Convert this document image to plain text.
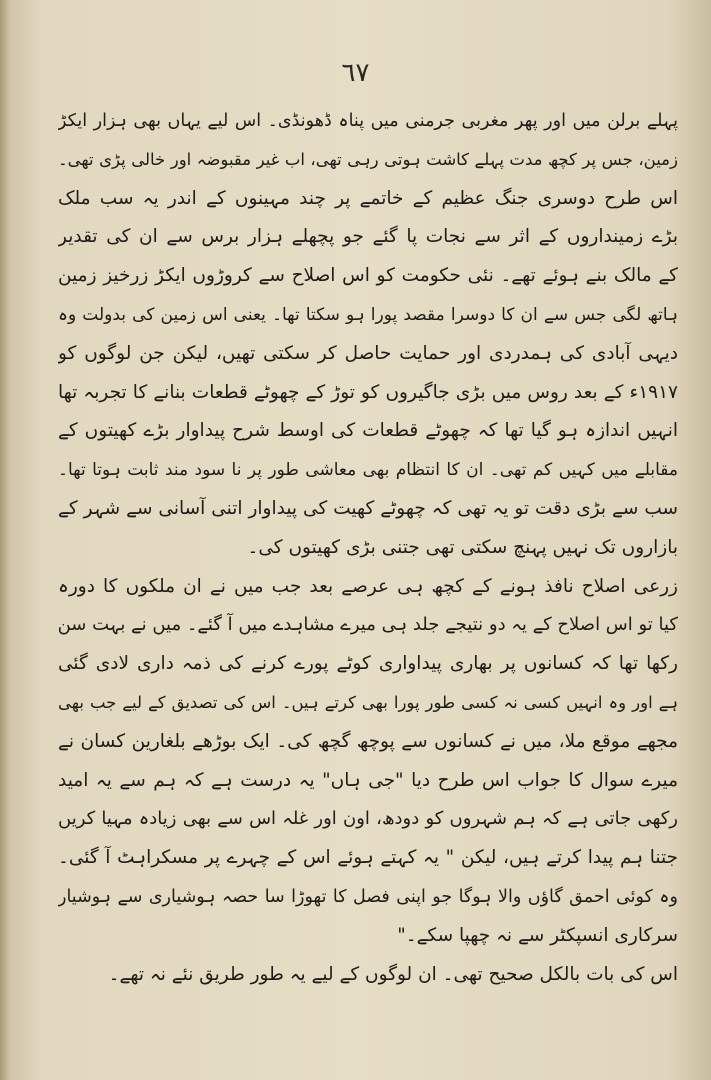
٦٧
پہلے برلن میں اور پھر مغربی جرمنی میں پناہ ڈھونڈی۔ اس لیے یہاں بھی ہزار ایکڑ
زمین، جس پر کچھ مدت پہلے کاشت ہوتی رہی تھی، اب غیر مقبوضہ اور خالی پڑی تھی۔
اس طرح دوسری جنگ عظیم کے خاتمے پر چند مہینوں کے اندر یہ سب ملک
بڑے زمینداروں کے اثر سے نجات پا گئے جو پچھلے ہزار برس سے ان کی تقدیر
کے مالک بنے ہوئے تھے۔ نئی حکومت کو اس اصلاح سے کروڑوں ایکڑ زرخیز زمین
ہاتھ لگی جس سے ان کا دوسرا مقصد پورا ہو سکتا تھا۔ یعنی اس زمین کی بدولت وہ
دیہی آبادی کی ہمدردی اور حمایت حاصل کر سکتی تھیں، لیکن جن لوگوں کو
۱۹۱۷ء کے بعد روس میں بڑی جاگیروں کو توڑ کے چھوٹے قطعات بنانے کا تجربہ تھا
انہیں اندازہ ہو گیا تھا کہ چھوٹے قطعات کی اوسط شرح پیداوار بڑے کھیتوں کے
مقابلے میں کہیں کم تھی۔ ان کا انتظام بھی معاشی طور پر نا سود مند ثابت ہوتا تھا۔
سب سے بڑی دقت تو یہ تھی کہ چھوٹے کھیت کی پیداوار اتنی آسانی سے شہر کے
بازاروں تک نہیں پہنچ سکتی تھی جتنی بڑی کھیتوں کی۔
زرعی اصلاح نافذ ہونے کے کچھ ہی عرصے بعد جب میں نے ان ملکوں کا دورہ
کیا تو اس اصلاح کے یہ دو نتیجے جلد ہی میرے مشاہدے میں آ گئے۔ میں نے بہت سن
رکھا تھا کہ کسانوں پر بھاری پیداواری کوٹے پورے کرنے کی ذمہ داری لادی گئی
ہے اور وہ انہیں کسی نہ کسی طور پورا بھی کرتے ہیں۔ اس کی تصدیق کے لیے جب بھی
مجھے موقع ملا، میں نے کسانوں سے پوچھ گچھ کی۔ ایک بوڑھے بلغارین کسان نے
میرے سوال کا جواب اس طرح دیا "جی ہاں" یہ درست ہے کہ ہم سے یہ امید
رکھی جاتی ہے کہ ہم شہروں کو دودھ، اون اور غلہ اس سے بھی زیادہ مہیا کریں
جتنا ہم پیدا کرتے ہیں، لیکن " یہ کہتے ہوئے اس کے چہرے پر مسکراہٹ آ گئی۔
وہ کوئی احمق گاؤں والا ہوگا جو اپنی فصل کا تھوڑا سا حصہ ہوشیاری سے ہوشیار
سرکاری انسپکٹر سے نہ چھپا سکے۔"
اس کی بات بالکل صحیح تھی۔ ان لوگوں کے لیے یہ طور طریق نئے نہ تھے۔
